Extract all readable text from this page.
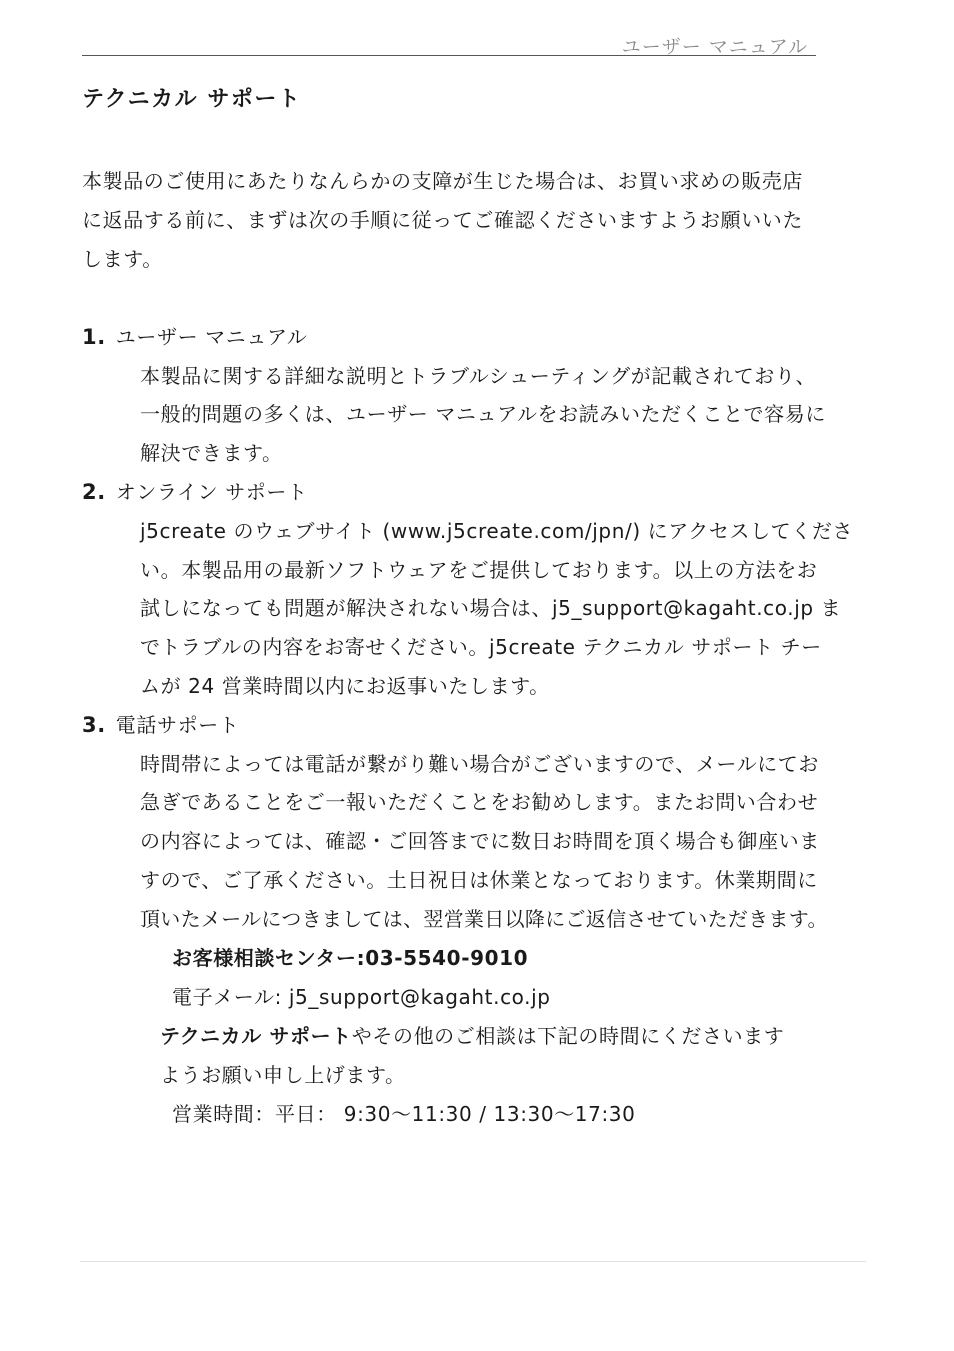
ユーザー マニュアル
テクニカル サポート
本製品のご使用にあたりなんらかの支障が生じた場合は、お買い求めの販売店
に返品する前に、まずは次の手順に従ってご確認くださいますようお願いいた
します。
1. ユーザー マニュアル
本製品に関する詳細な説明とトラブルシューティングが記載されており、
一般的問題の多くは、ユーザー マニュアルをお読みいただくことで容易に
解決できます。
2. オンライン サポート
j5create のウェブサイト (www.j5create.com/jpn/) にアクセスしてくださ
い。本製品用の最新ソフトウェアをご提供しております。以上の方法をお
試しになっても問題が解決されない場合は、j5_support@kagaht.co.jp ま
でトラブルの内容をお寄せください。j5create テクニカル サポート チー
ムが 24 営業時間以内にお返事いたします。
3. 電話サポート
時間帯によっては電話が繋がり難い場合がございますので、メールにてお
急ぎであることをご一報いただくことをお勧めします。またお問い合わせ
の内容によっては、確認・ご回答までに数日お時間を頂く場合も御座いま
すので、ご了承ください。土日祝日は休業となっております。休業期間に
頂いたメールにつきましては、翌営業日以降にご返信させていただきます。
お客様相談センター:03-5540-9010
電子メール: j5_support@kagaht.co.jp
テクニカル サポートやその他のご相談は下記の時間にくださいます
ようお願い申し上げます。
営業時間：平日： 9:30～11:30 / 13:30～17:30
